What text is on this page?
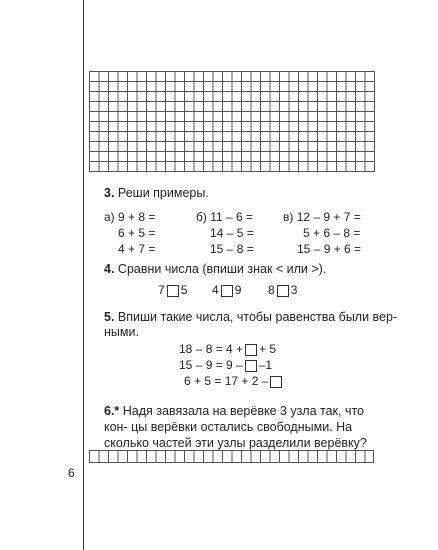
3. Реши примеры.
а) 9 + 8 =
6 + 5 =
4 + 7 =
б) 11 – 6 =
14 – 5 =
15 – 8 =
в) 12 – 9 + 7 =
5 + 6 – 8 =
15 – 9 + 6 =
4. Сравни числа (впиши знак < или >).
7 5 4 9 8 3
5. Впиши такие числа, чтобы равенства были вер-
ными.
18 – 8 = 4 + + 5
15 – 9 = 9 – –1
6 + 5 = 17 + 2 –
6.* Надя завязала на верёвке 3 узла так, что кон- цы верёвки остались свободными. На сколько частей эти узлы разделили верёвку?
6
